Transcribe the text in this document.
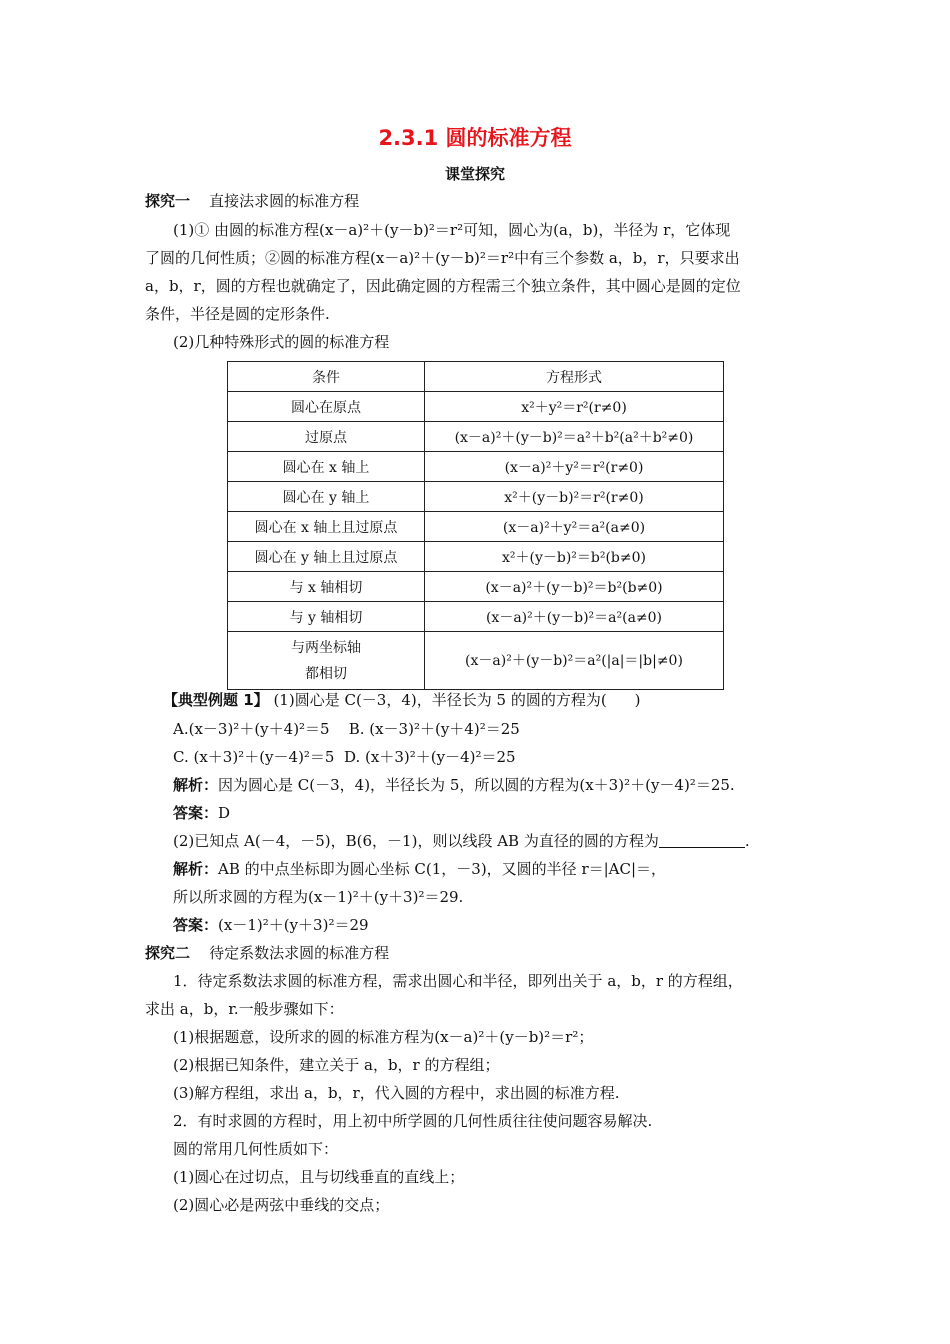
2.3.1 圆的标准方程
课堂探究
探究一 直接法求圆的标准方程
(1)① 由圆的标准方程(x－a)²＋(y－b)²＝r²可知，圆心为(a，b)，半径为 r，它体现
了圆的几何性质；②圆的标准方程(x－a)²＋(y－b)²＝r²中有三个参数 a，b，r，只要求出
a，b，r，圆的方程也就确定了，因此确定圆的方程需三个独立条件，其中圆心是圆的定位
条件，半径是圆的定形条件.
(2)几种特殊形式的圆的标准方程
条件	方程形式
圆心在原点	x²＋y²＝r²(r≠0)
过原点	(x－a)²＋(y－b)²＝a²＋b²(a²＋b²≠0)
圆心在 x 轴上	(x－a)²＋y²＝r²(r≠0)
圆心在 y 轴上	x²＋(y－b)²＝r²(r≠0)
圆心在 x 轴上且过原点	(x－a)²＋y²＝a²(a≠0)
圆心在 y 轴上且过原点	x²＋(y－b)²＝b²(b≠0)
与 x 轴相切	(x－a)²＋(y－b)²＝b²(b≠0)
与 y 轴相切	(x－a)²＋(y－b)²＝a²(a≠0)
与两坐标轴
都相切	(x－a)²＋(y－b)²＝a²(|a|＝|b|≠0)
【典型例题 1】 (1)圆心是 C(－3，4)，半径长为 5 的圆的方程为( )
A.(x－3)²＋(y＋4)²＝5 B. (x－3)²＋(y＋4)²＝25
C. (x＋3)²＋(y－4)²＝5 D. (x＋3)²＋(y－4)²＝25
解析：因为圆心是 C(－3，4)，半径长为 5，所以圆的方程为(x＋3)²＋(y－4)²＝25.
答案：D
(2)已知点 A(－4，－5)，B(6，－1)，则以线段 AB 为直径的圆的方程为	.
解析：AB 的中点坐标即为圆心坐标 C(1，－3)，又圆的半径 r＝|AC|＝，
所以所求圆的方程为(x－1)²＋(y＋3)²＝29.
答案：(x－1)²＋(y＋3)²＝29
探究二 待定系数法求圆的标准方程
1．待定系数法求圆的标准方程，需求出圆心和半径，即列出关于 a，b，r 的方程组，
求出 a，b，r.一般步骤如下：
(1)根据题意，设所求的圆的标准方程为(x－a)²＋(y－b)²＝r²；
(2)根据已知条件，建立关于 a，b，r 的方程组；
(3)解方程组，求出 a，b，r，代入圆的方程中，求出圆的标准方程.
2．有时求圆的方程时，用上初中所学圆的几何性质往往使问题容易解决.
圆的常用几何性质如下：
(1)圆心在过切点，且与切线垂直的直线上；
(2)圆心必是两弦中垂线的交点；
